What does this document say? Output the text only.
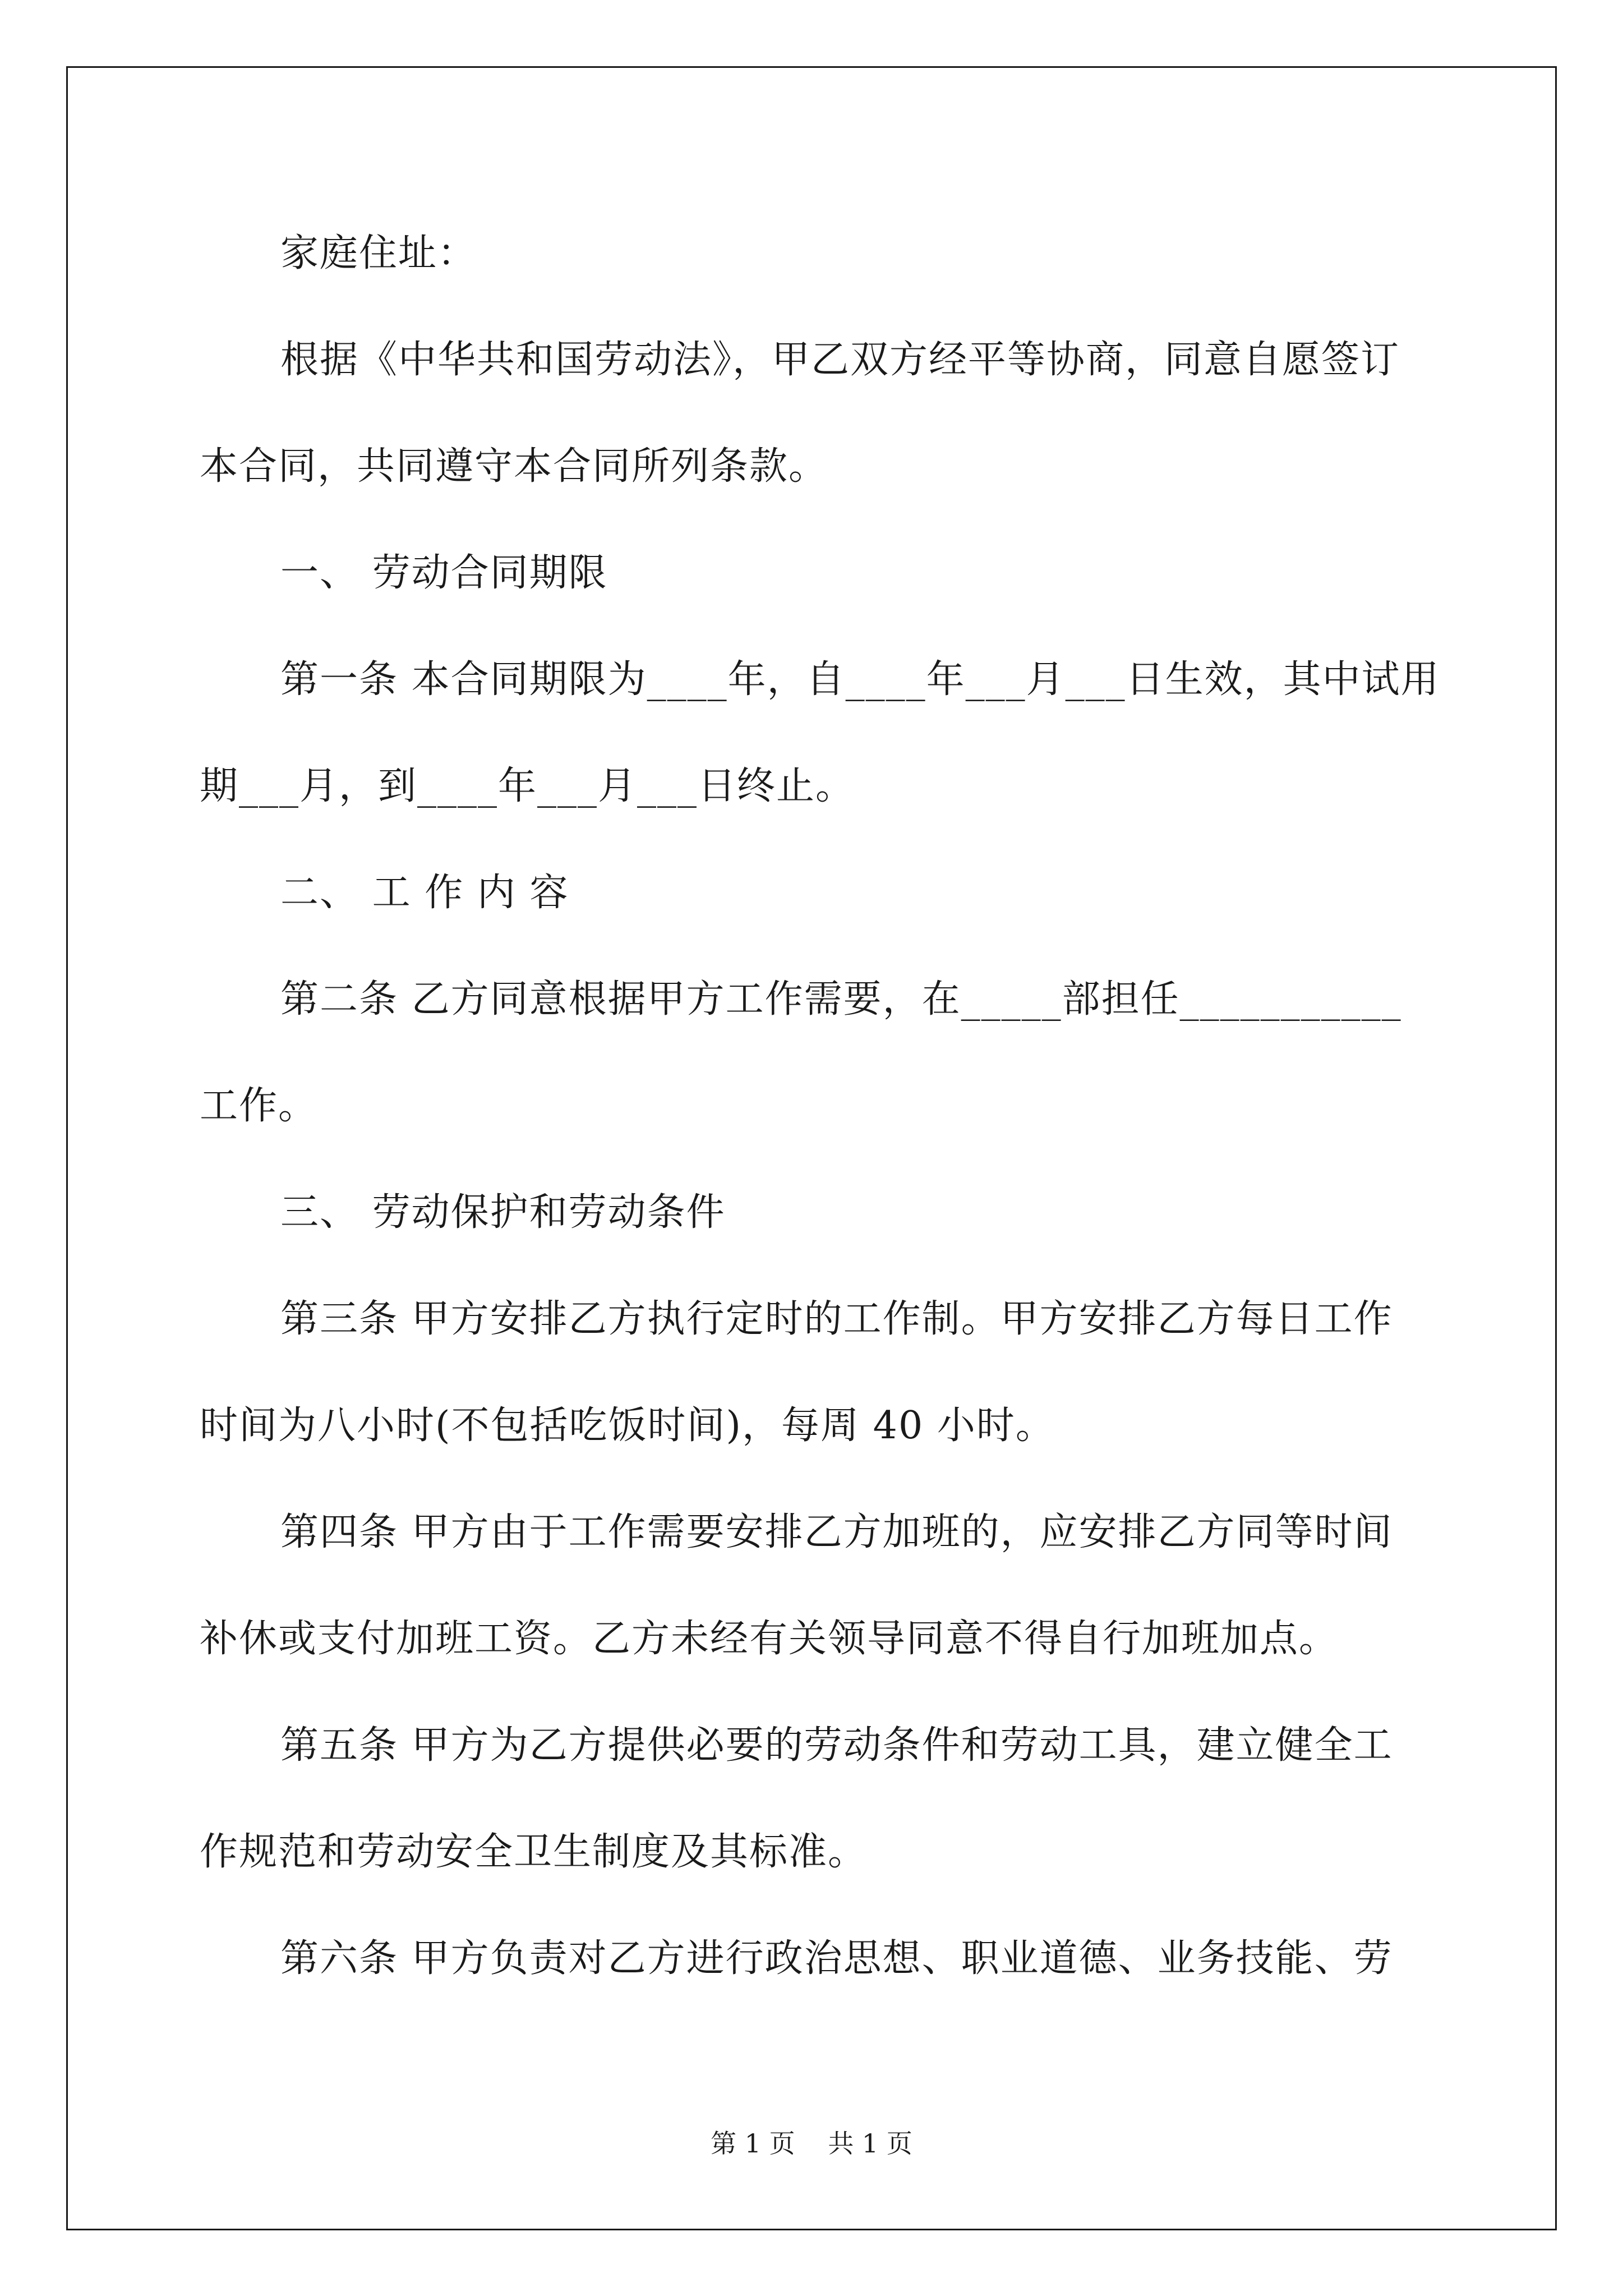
家庭住址：
根据《中华共和国劳动法》，甲乙双方经平等协商，同意自愿签订
本合同，共同遵守本合同所列条款。
一、 劳动合同期限
第一条 本合同期限为____年，自____年___月___日生效，其中试用
期___月，到____年___月___日终止。
二、 工 作 内 容
第二条 乙方同意根据甲方工作需要，在_____部担任___________
工作。
三、 劳动保护和劳动条件
第三条 甲方安排乙方执行定时的工作制。甲方安排乙方每日工作
时间为八小时(不包括吃饭时间)，每周 40 小时。
第四条 甲方由于工作需要安排乙方加班的，应安排乙方同等时间
补休或支付加班工资。乙方未经有关领导同意不得自行加班加点。
第五条 甲方为乙方提供必要的劳动条件和劳动工具，建立健全工
作规范和劳动安全卫生制度及其标准。
第六条 甲方负责对乙方进行政治思想、职业道德、业务技能、劳
第 1 页 共 1 页
